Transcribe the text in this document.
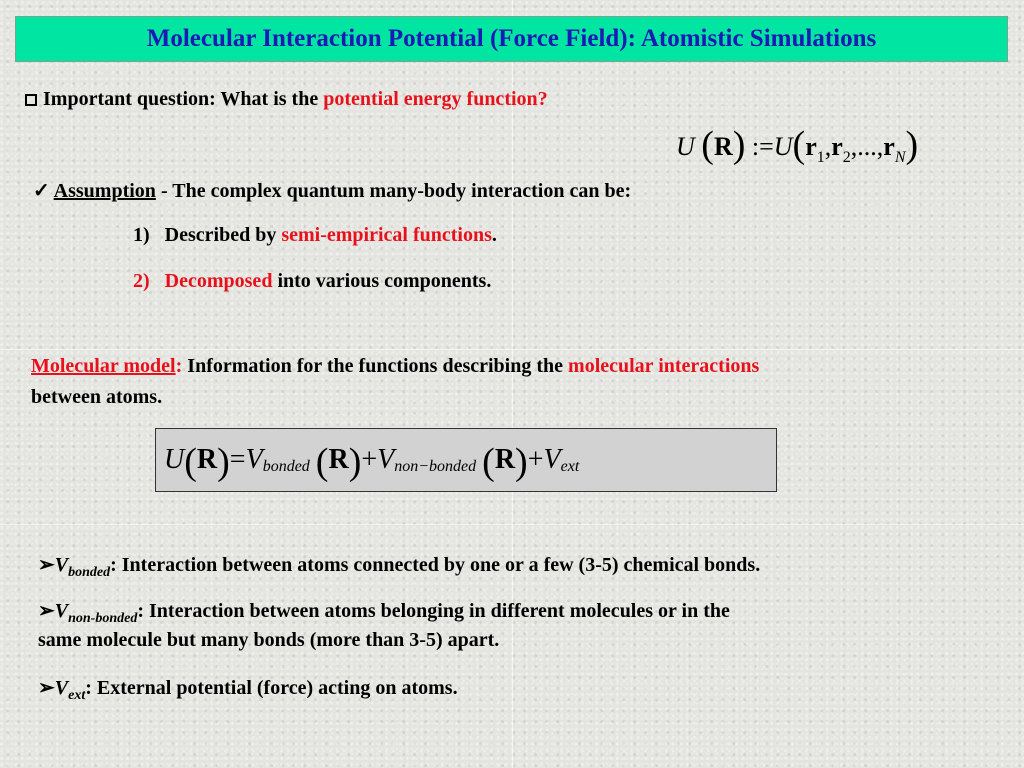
Molecular Interaction Potential (Force Field): Atomistic Simulations
Important question: What is the potential energy function?
U (R) $:=U(r_1,r_2,...,r_N)$
✓ Assumption - The complex quantum many-body interaction can be:
1) Described by semi-empirical functions.
2) Decomposed into various components.
Molecular model: Information for the functions describing the molecular interactions
between atoms.
U ( R ) = V bonded ( R ) + V non−bonded ( R ) + V ext
$➢V_{bonded}$: Interaction between atoms connected by one or a few (3-5) chemical bonds.
$➢V_{non-bonded}$: Interaction between atoms belonging in different molecules or in the
same molecule but many bonds (more than 3-5) apart.
$➢V_{ext}$: External potential (force) acting on atoms.
